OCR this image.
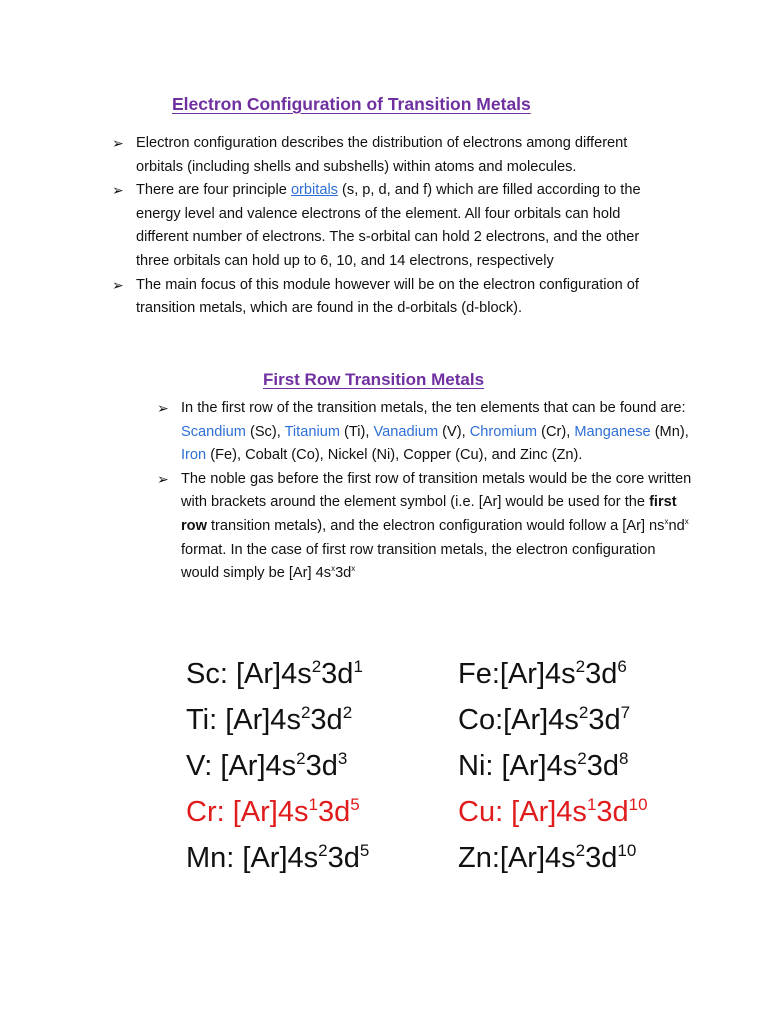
Electron Configuration of Transition Metals
➢ Electron configuration describes the distribution of electrons among different orbitals (including shells and subshells) within atoms and molecules.
➢ There are four principle orbitals (s, p, d, and f) which are filled according to the energy level and valence electrons of the element. All four orbitals can hold different number of electrons. The s-orbital can hold 2 electrons, and the other three orbitals can hold up to 6, 10, and 14 electrons, respectively
➢ The main focus of this module however will be on the electron configuration of transition metals, which are found in the d-orbitals (d-block).
First Row Transition Metals
➢ In the first row of the transition metals, the ten elements that can be found are: Scandium (Sc), Titanium (Ti), Vanadium (V), Chromium (Cr), Manganese (Mn), Iron (Fe), Cobalt (Co), Nickel (Ni), Copper (Cu), and Zinc (Zn).
➢ The noble gas before the first row of transition metals would be the core written with brackets around the element symbol (i.e. [Ar] would be used for the first row transition metals), and the electron configuration would follow a [Ar] $ns^xnd^x$ format. In the case of first row transition metals, the electron configuration would simply be [Ar] $4s^x3d^x$
Sc: $[Ar]4s^23d^1$	$Fe:[Ar]4s^23d^6$
Ti: $[Ar]4s^23d^2$	$Co:[Ar]4s^23d^7$
V: $[Ar]4s^23d^3$	Ni: $[Ar]4s^23d^8$
Cr: $[Ar]4s^13d^5$	Cu: $[Ar]4s^13d^{10}$
Mn: $[Ar]4s^23d^5$	$Zn:[Ar]4s^23d^{10}$
